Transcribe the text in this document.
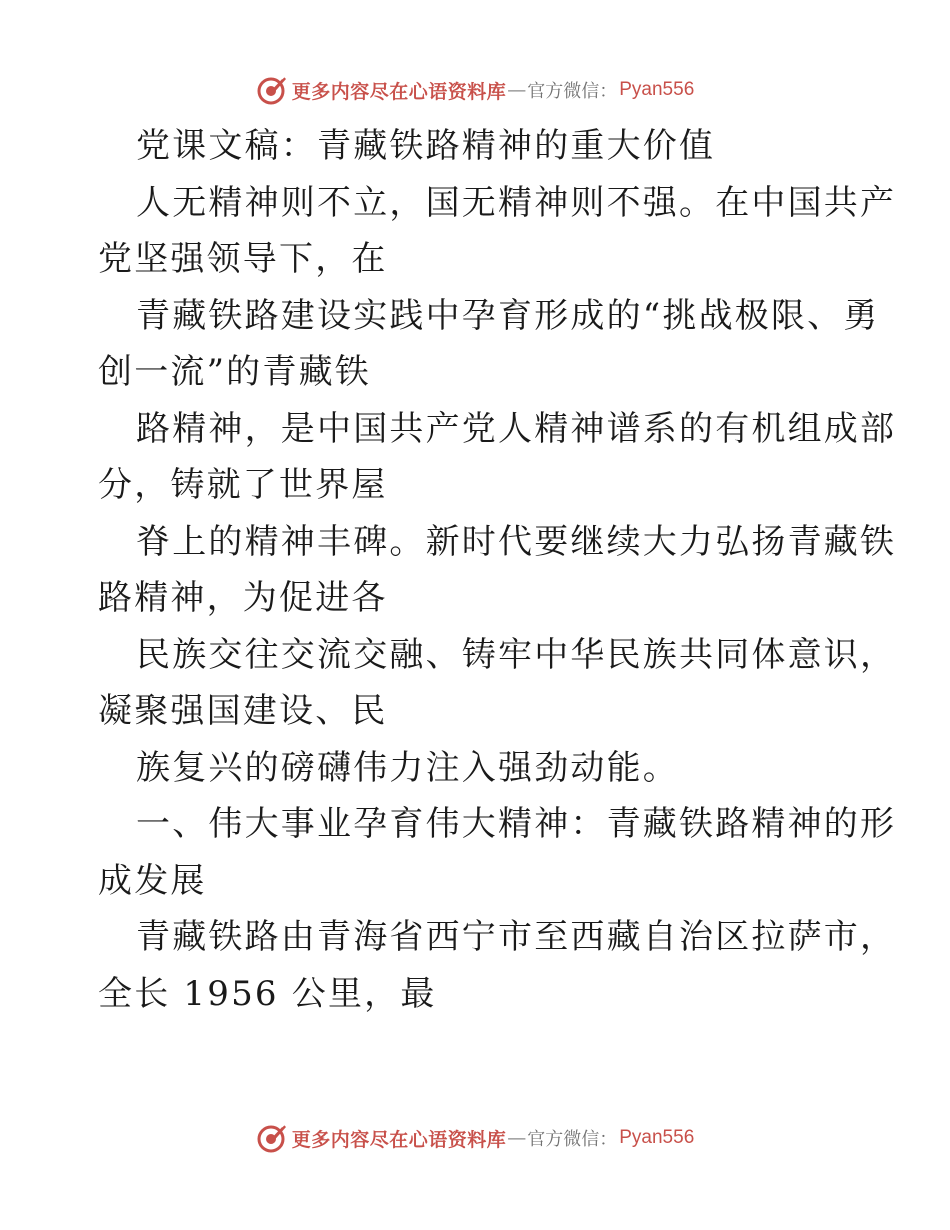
更多内容尽在心语资料库 — 官方微信： Pyan556
党课文稿：青藏铁路精神的重大价值
人无精神则不立，国无精神则不强。在中国共产
党坚强领导下，在
青藏铁路建设实践中孕育形成的“挑战极限、勇
创一流”的青藏铁
路精神，是中国共产党人精神谱系的有机组成部
分，铸就了世界屋
脊上的精神丰碑。新时代要继续大力弘扬青藏铁
路精神，为促进各
民族交往交流交融、铸牢中华民族共同体意识，
凝聚强国建设、民
族复兴的磅礴伟力注入强劲动能。
一、伟大事业孕育伟大精神：青藏铁路精神的形
成发展
青藏铁路由青海省西宁市至西藏自治区拉萨市，
全长 1956 公里，最
更多内容尽在心语资料库 — 官方微信： Pyan556
